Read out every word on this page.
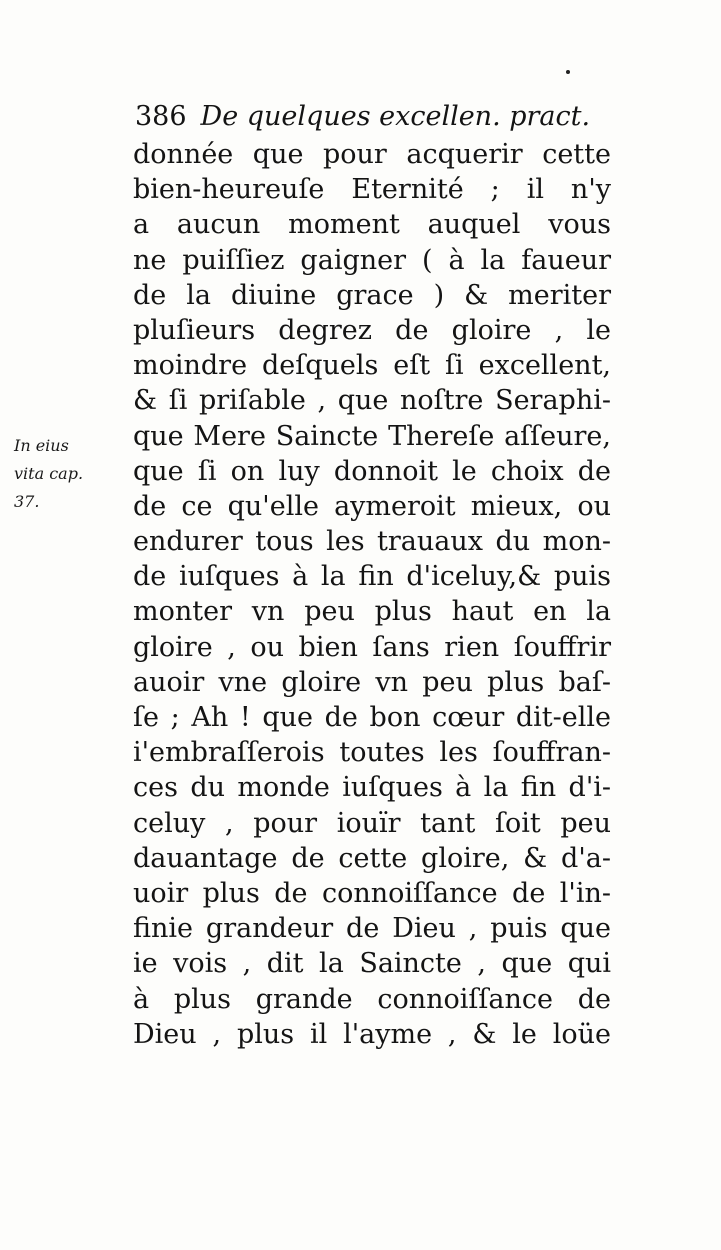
386 De quelques excellen. pract.
In eius
vita cap.
37.
donnée que pour acquerir cette
bien-heureuſe Eternité ; il n'y
a aucun moment auquel vous
ne puiſſiez gaigner ( à la faueur
de la diuine grace ) & meriter
pluſieurs degrez de gloire , le
moindre deſquels eſt ſi excellent,
& ſi priſable , que noſtre Seraphi-
que Mere Saincte Thereſe aſſeure,
que ſi on luy donnoit le choix de
de ce qu'elle aymeroit mieux, ou
endurer tous les trauaux du mon-
de iuſques à la fin d'iceluy,& puis
monter vn peu plus haut en la
gloire , ou bien ſans rien ſouffrir
auoir vne gloire vn peu plus baſ-
ſe ; Ah ! que de bon cœur dit-elle
i'embraſſerois toutes les ſouffran-
ces du monde iuſques à la fin d'i-
celuy , pour iouïr tant ſoit peu
dauantage de cette gloire, & d'a-
uoir plus de connoiſſance de l'in-
finie grandeur de Dieu , puis que
ie vois , dit la Saincte , que qui
à plus grande connoiſſance de
Dieu , plus il l'ayme , & le loüe
